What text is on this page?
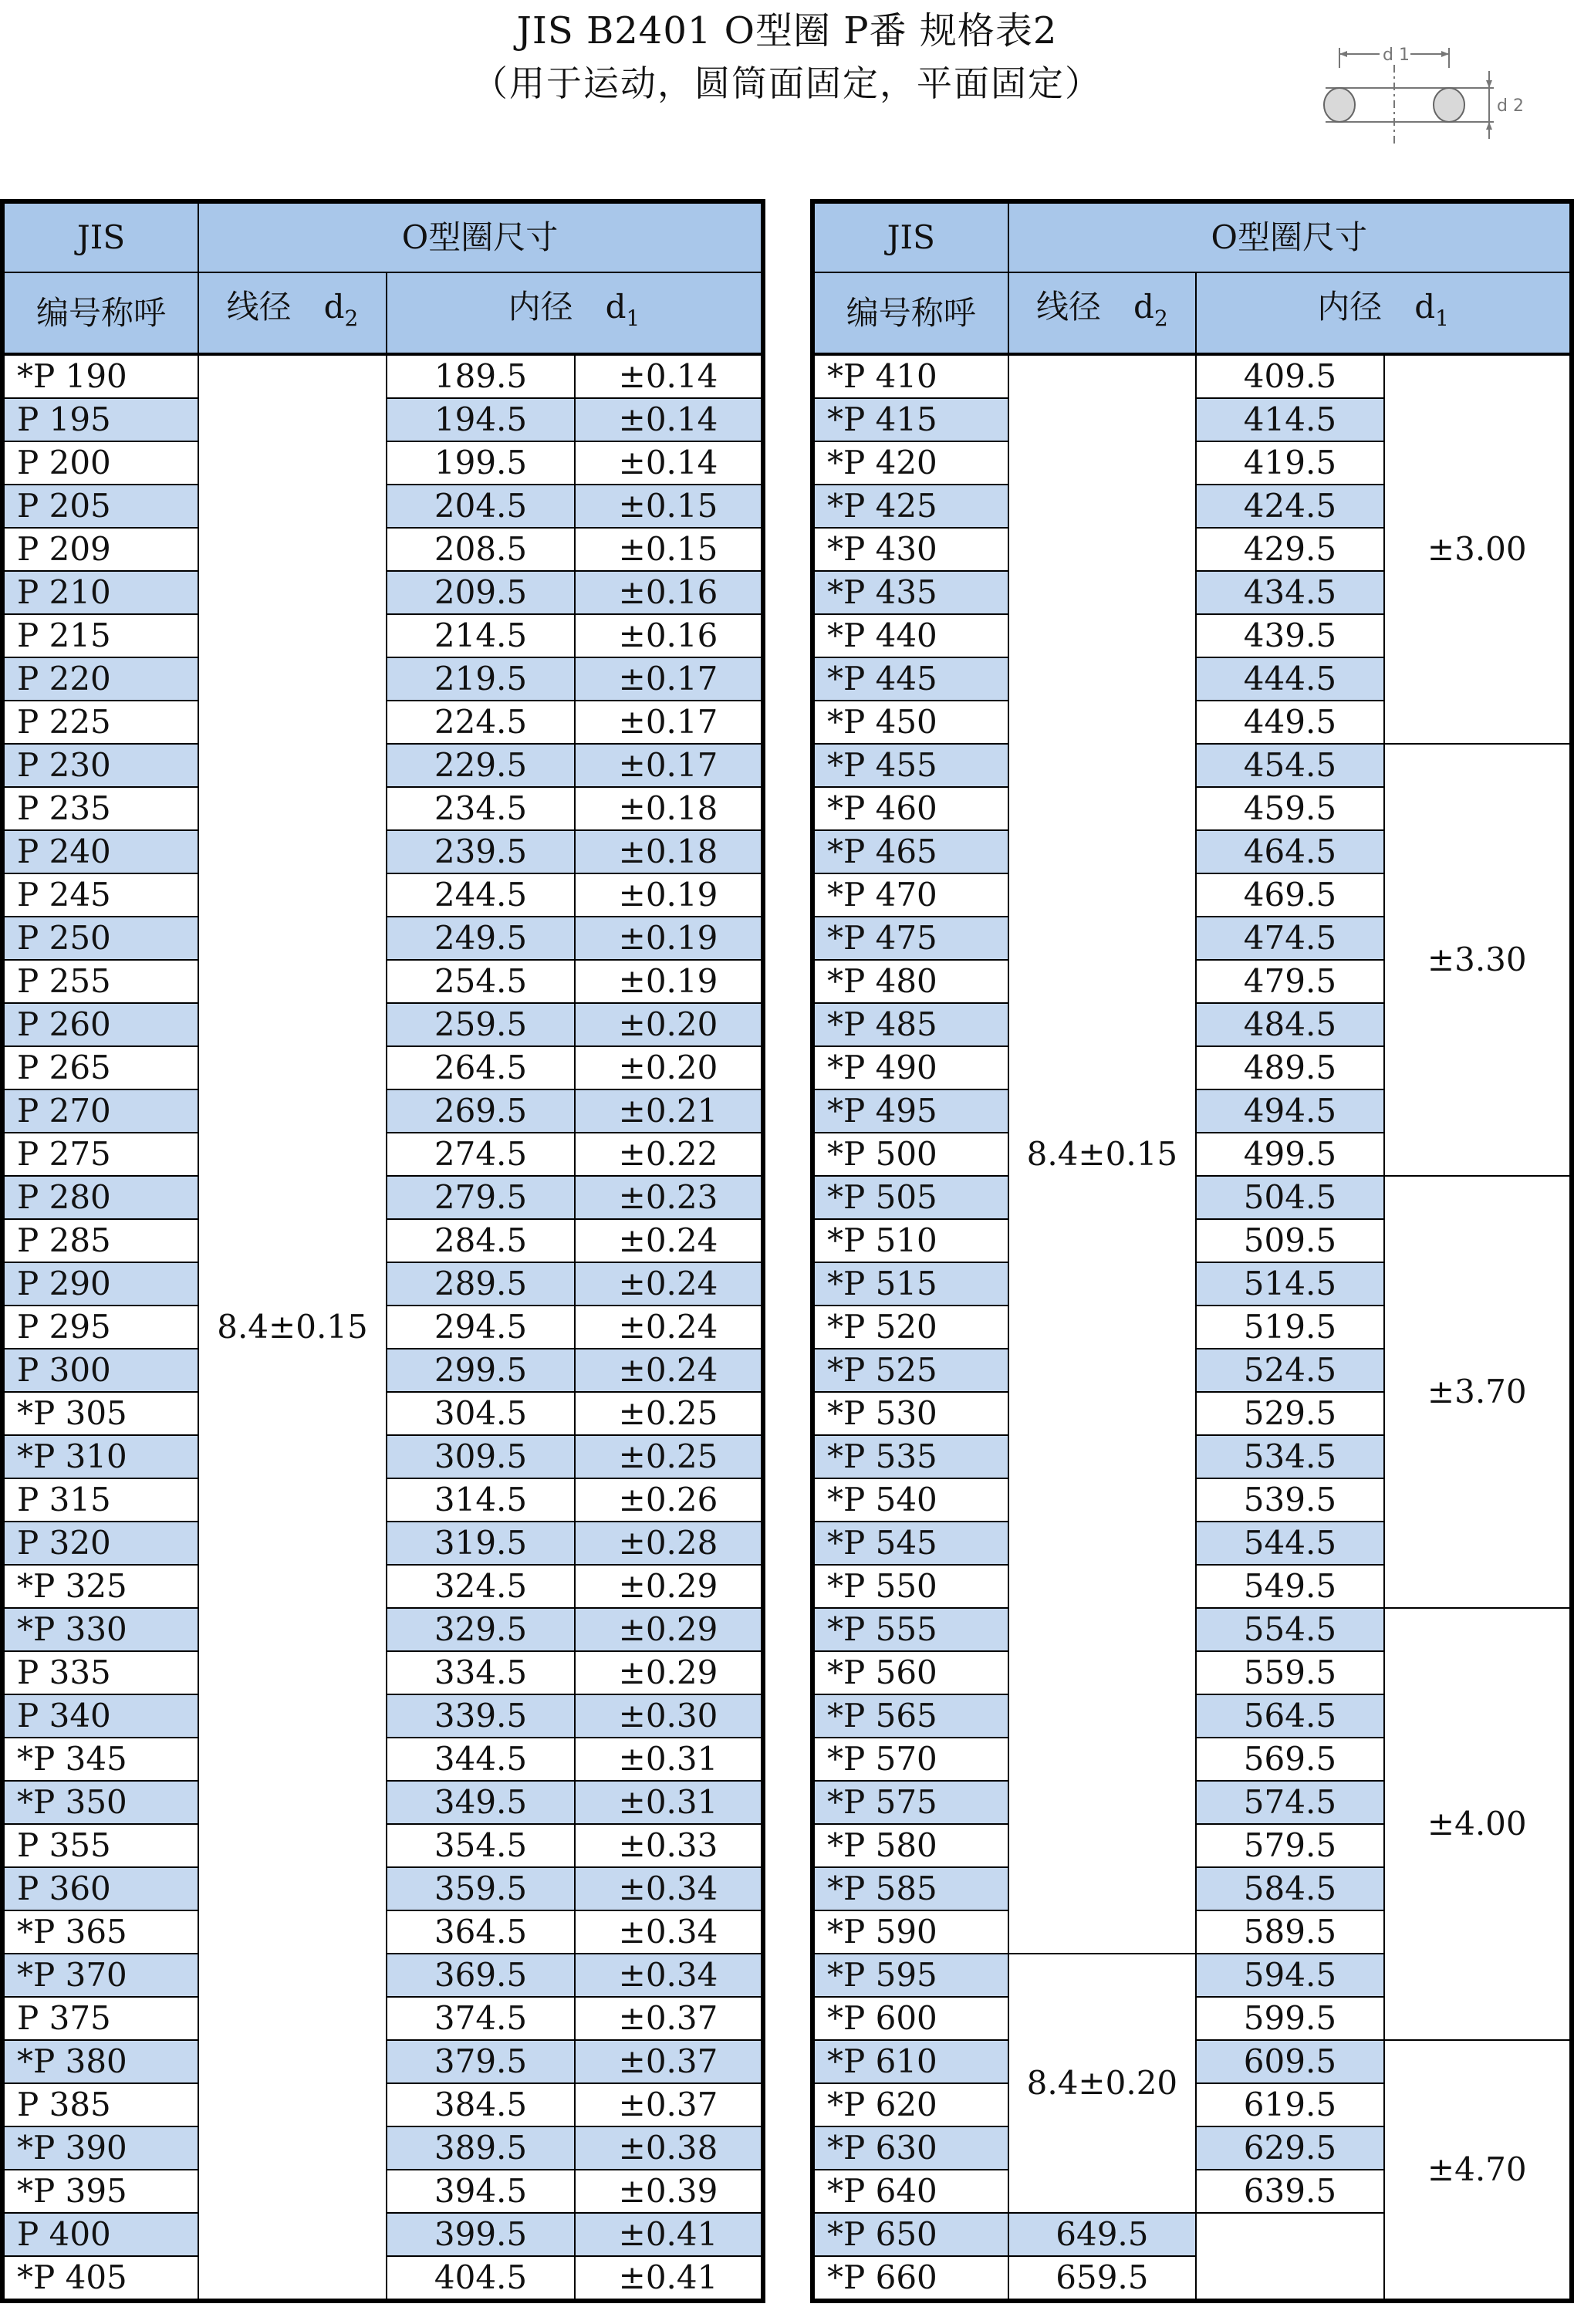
JIS B2401 O型圈 P番 规格表2
（用于运动，圆筒面固定，平面固定）
d 1
d 2
JIS	O型圈尺寸		
编号称呼	线径  $d_2$	内径  $d_1$
*P 190	8.4±0.15	189.5	±0.14
P 195		194.5	±0.14
P 200		199.5	±0.14
P 205		204.5	±0.15
P 209		208.5	±0.15
P 210		209.5	±0.16
P 215		214.5	±0.16
P 220		219.5	±0.17
P 225		224.5	±0.17
P 230		229.5	±0.17
P 235		234.5	±0.18
P 240		239.5	±0.18
P 245		244.5	±0.19
P 250		249.5	±0.19
P 255		254.5	±0.19
P 260		259.5	±0.20
P 265		264.5	±0.20
P 270		269.5	±0.21
P 275		274.5	±0.22
P 280		279.5	±0.23
P 285		284.5	±0.24
P 290		289.5	±0.24
P 295		294.5	±0.24
P 300		299.5	±0.24
*P 305		304.5	±0.25
*P 310		309.5	±0.25
P 315		314.5	±0.26
P 320		319.5	±0.28
*P 325		324.5	±0.29
*P 330		329.5	±0.29
P 335		334.5	±0.29
P 340		339.5	±0.30
*P 345		344.5	±0.31
*P 350		349.5	±0.31
P 355		354.5	±0.33
P 360		359.5	±0.34
*P 365		364.5	±0.34
*P 370		369.5	±0.34
P 375		374.5	±0.37
*P 380		379.5	±0.37
P 385		384.5	±0.37
*P 390		389.5	±0.38
*P 395		394.5	±0.39
P 400		399.5	±0.41
*P 405		404.5	±0.41
JIS	O型圈尺寸		
编号称呼	线径  $d_2$	内径  $d_1$
*P 410	8.4±0.15	409.5	±3.00
*P 415		414.5	
*P 420		419.5	
*P 425		424.5	
*P 430		429.5	
*P 435		434.5	
*P 440		439.5	
*P 445		444.5	
*P 450		449.5	
*P 455		454.5	±3.30
*P 460		459.5	
*P 465		464.5	
*P 470		469.5	
*P 475		474.5	
*P 480		479.5	
*P 485		484.5	
*P 490		489.5	
*P 495		494.5	
*P 500		499.5	
*P 505		504.5	±3.70
*P 510		509.5	
*P 515		514.5	
*P 520		519.5	
*P 525		524.5	
*P 530		529.5	
*P 535		534.5	
*P 540		539.5	
*P 545		544.5	
*P 550		549.5	
*P 555		554.5	±4.00
*P 560		559.5	
*P 565		564.5	
*P 570		569.5	
*P 575		574.5	
*P 580		579.5	
*P 585		584.5	
*P 590		589.5	
*P 595	8.4±0.20	594.5	
*P 600		599.5	
*P 610		609.5	±4.70
*P 620		619.5	
*P 630		629.5	
*P 640		639.5	
*P 650	649.5		
*P 660	659.5		
